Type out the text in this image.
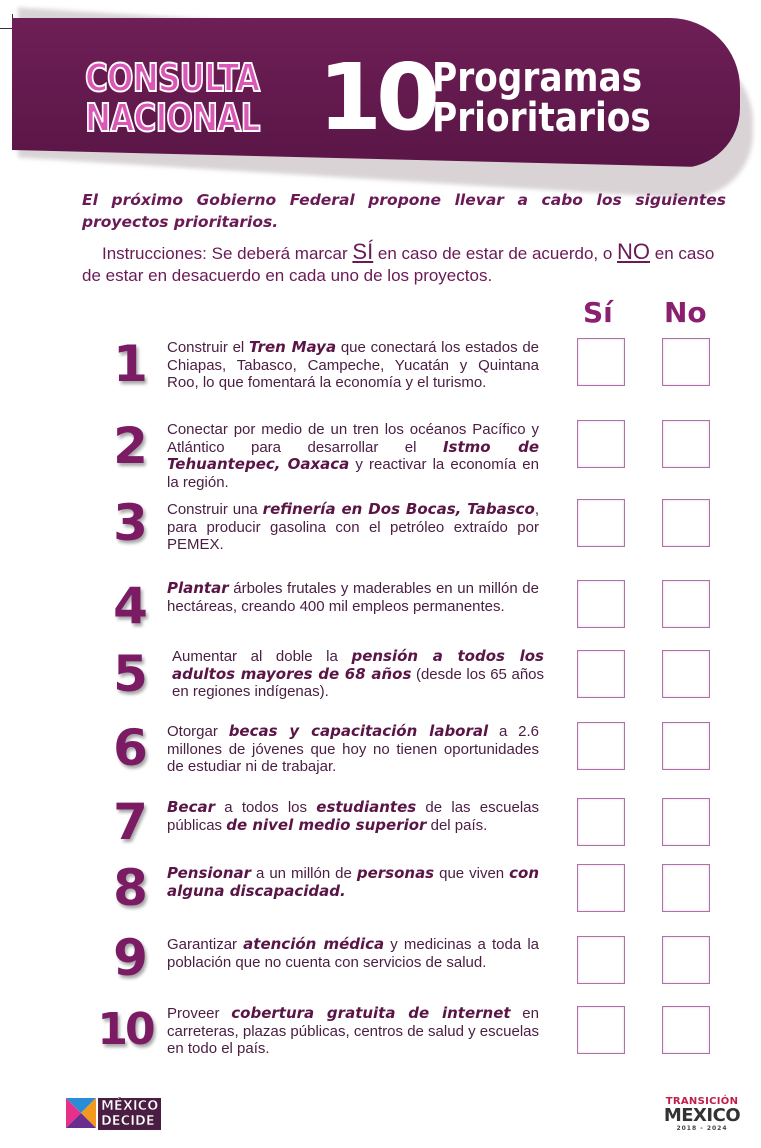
CONSULTA
NACIONAL 10
Programas
Prioritarios

El próximo Gobierno Federal propone llevar a cabo los siguientes proyectos prioritarios.

Instrucciones: Se deberá marcar SÍ en caso de estar de acuerdo, o NO en caso de estar en desacuerdo en cada uno de los proyectos.

Sí No
1	Construir el Tren Maya que conectará los estados de Chiapas, Tabasco, Campeche, Yucatán y Quintana Roo, lo que fomentará la economía y el turismo.
2	Conectar por medio de un tren los océanos Pacífico y Atlántico para desarrollar el Istmo de Tehuantepec, Oaxaca y reactivar la economía en la región.
3	Construir una refinería en Dos Bocas, Tabasco, para producir gasolina con el petróleo extraído por PEMEX.
4	Plantar árboles frutales y maderables en un millón de hectáreas, creando 400 mil empleos permanentes.
5	Aumentar al doble la pensión a todos los adultos mayores de 68 años (desde los 65 años en regiones indígenas).
6	Otorgar becas y capacitación laboral a 2.6 millones de jóvenes que hoy no tienen oportunidades de estudiar ni de trabajar.
7	Becar a todos los estudiantes de las escuelas públicas de nivel medio superior del país.
8	Pensionar a un millón de personas que viven con alguna discapacidad.
9	Garantizar atención médica y medicinas a toda la población que no cuenta con servicios de salud.
10 Proveer cobertura gratuita de internet en carreteras, plazas públicas, centros de salud y escuelas en todo el país.
MÉXICO
DECIDE
TRANSICIÓN
MEXICO
2018 - 2024
